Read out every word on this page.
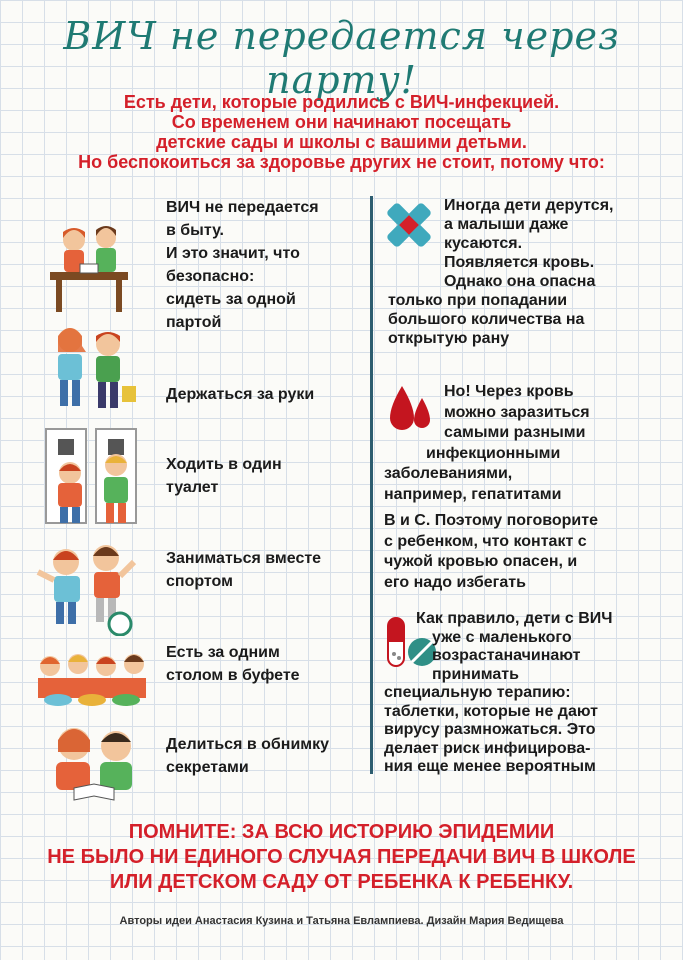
ВИЧ не передается через парту!
Есть дети, которые родились с ВИЧ-инфекцией.
Со временем они начинают посещать
детские сады и школы с вашими детьми.
Но беспокоиться за здоровье других не стоит, потому что:
ВИЧ не передается
в быту.
И это значит, что
безопасно:
сидеть за одной
партой
Держаться за руки
Ходить в один
туалет
Заниматься вместе
спортом
Есть за одним
столом в буфете
Делиться в обнимку
секретами
Иногда дети дерутся,
а малыши даже
кусаются.
Появляется кровь.
Однако она опасна
только при попадании
большого количества на
открытую рану
Но! Через кровь
можно заразиться
самыми разными
инфекционными
заболеваниями,
например, гепатитами
В и С. Поэтому поговорите
с ребенком, что контакт с
чужой кровью опасен, и
его надо избегать
Как правило, дети с ВИЧ
уже с маленького
возрастаначинают
принимать
специальную терапию:
таблетки, которые не дают
вирусу размножаться. Это
делает риск инфицирова-
ния еще менее вероятным
ПОМНИТЕ: ЗА ВСЮ ИСТОРИЮ ЭПИДЕМИИ
НЕ БЫЛО НИ ЕДИНОГО СЛУЧАЯ ПЕРЕДАЧИ ВИЧ В ШКОЛЕ
ИЛИ ДЕТСКОМ САДУ ОТ РЕБЕНКА К РЕБЕНКУ.
Авторы идеи Анастасия Кузина и Татьяна Евлампиева. Дизайн Мария Ведищева
